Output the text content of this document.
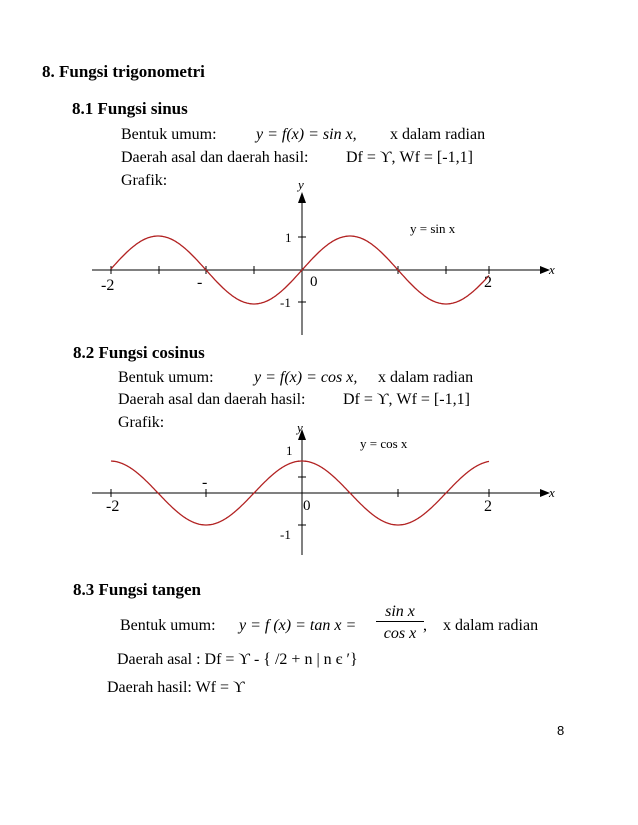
8. Fungsi trigonometri
8.1 Fungsi sinus
Bentuk umum: y = f(x) = sin x, x dalam radian
Daerah asal dan daerah hasil: Df = ϒ, Wf = [-1,1]
Grafik:	y
x
y = sin x
1
-1
0
-2	-	2
8.2 Fungsi cosinus
Bentuk umum:	y = f(x) = cos x, x dalam radian
Daerah asal dan daerah hasil: Df = ϒ, Wf = [-1,1]
Grafik:	y
x
y = cos x
1
-1
0
-2
-
2
8.3 Fungsi tangen
Bentuk umum: y = f $(x) = \tan x = \frac{\text{sin x}}{\text{cos x}}$
, x dalam radian
Daerah asal : Df = ϒ - { /2 + n | n є ′}
Daerah hasil: Wf = ϒ
8
